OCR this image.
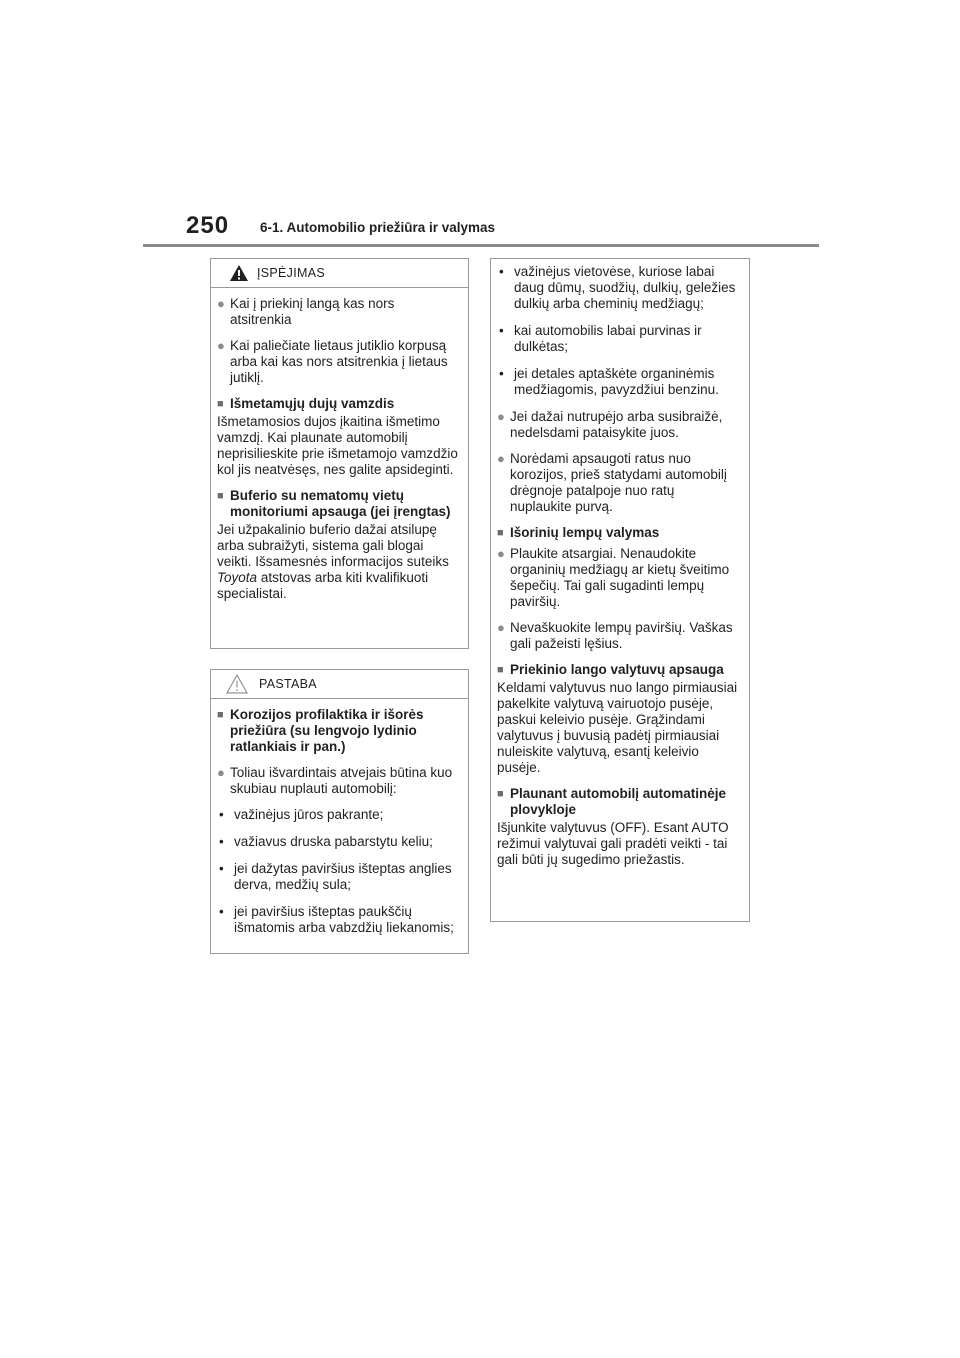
250 6-1. Automobilio priežiūra ir valymas
ĮSPĖJIMAS
● Kai į priekinį langą kas nors atsitrenkia
● Kai paliečiate lietaus jutiklio korpusą arba kai kas nors atsitrenkia į lietaus jutiklį.
■ Išmetamųjų dujų vamzdis
Išmetamosios dujos įkaitina išmetimo vamzdį. Kai plaunate automobilį neprisilieskite prie išmetamojo vamzdžio kol jis neatvėsęs, nes galite apsideginti.
■ Buferio su nematomų vietų monitoriumi apsauga (jei įrengtas)
Jei užpakalinio buferio dažai atsilupę arba subraižyti, sistema gali blogai veikti. Išsamesnės informacijos suteiks Toyota atstovas arba kiti kvalifikuoti specialistai.
PASTABA
■ Korozijos profilaktika ir išorės priežiūra (su lengvojo lydinio ratlankiais ir pan.)
● Toliau išvardintais atvejais būtina kuo skubiau nuplauti automobilį:
• važinėjus jūros pakrante;
• važiavus druska pabarstytu keliu;
• jei dažytas paviršius išteptas anglies derva, medžių sula;
• jei paviršius išteptas paukščių išmatomis arba vabzdžių liekanomis;
• važinėjus vietovėse, kuriose labai daug dūmų, suodžių, dulkių, geležies dulkių arba cheminių medžiagų;
• kai automobilis labai purvinas ir dulkėtas;
• jei detales aptaškėte organinėmis medžiagomis, pavyzdžiui benzinu.
● Jei dažai nutrupėjo arba susibraižė, nedelsdami pataisykite juos.
● Norėdami apsaugoti ratus nuo korozijos, prieš statydami automobilį drėgnoje patalpoje nuo ratų nuplaukite purvą.
■ Išorinių lempų valymas
● Plaukite atsargiai. Nenaudokite organinių medžiagų ar kietų šveitimo šepečių. Tai gali sugadinti lempų paviršių.
● Nevaškuokite lempų paviršių. Vaškas gali pažeisti lęšius.
■ Priekinio lango valytuvų apsauga
Keldami valytuvus nuo lango pirmiausiai pakelkite valytuvą vairuotojo pusėje, paskui keleivio pusėje. Grąžindami valytuvus į buvusią padėtį pirmiausiai nuleiskite valytuvą, esantį keleivio pusėje.
■ Plaunant automobilį automatinėje plovykloje
Išjunkite valytuvus (OFF). Esant AUTO režimui valytuvai gali pradėti veikti - tai gali būti jų sugedimo priežastis.
